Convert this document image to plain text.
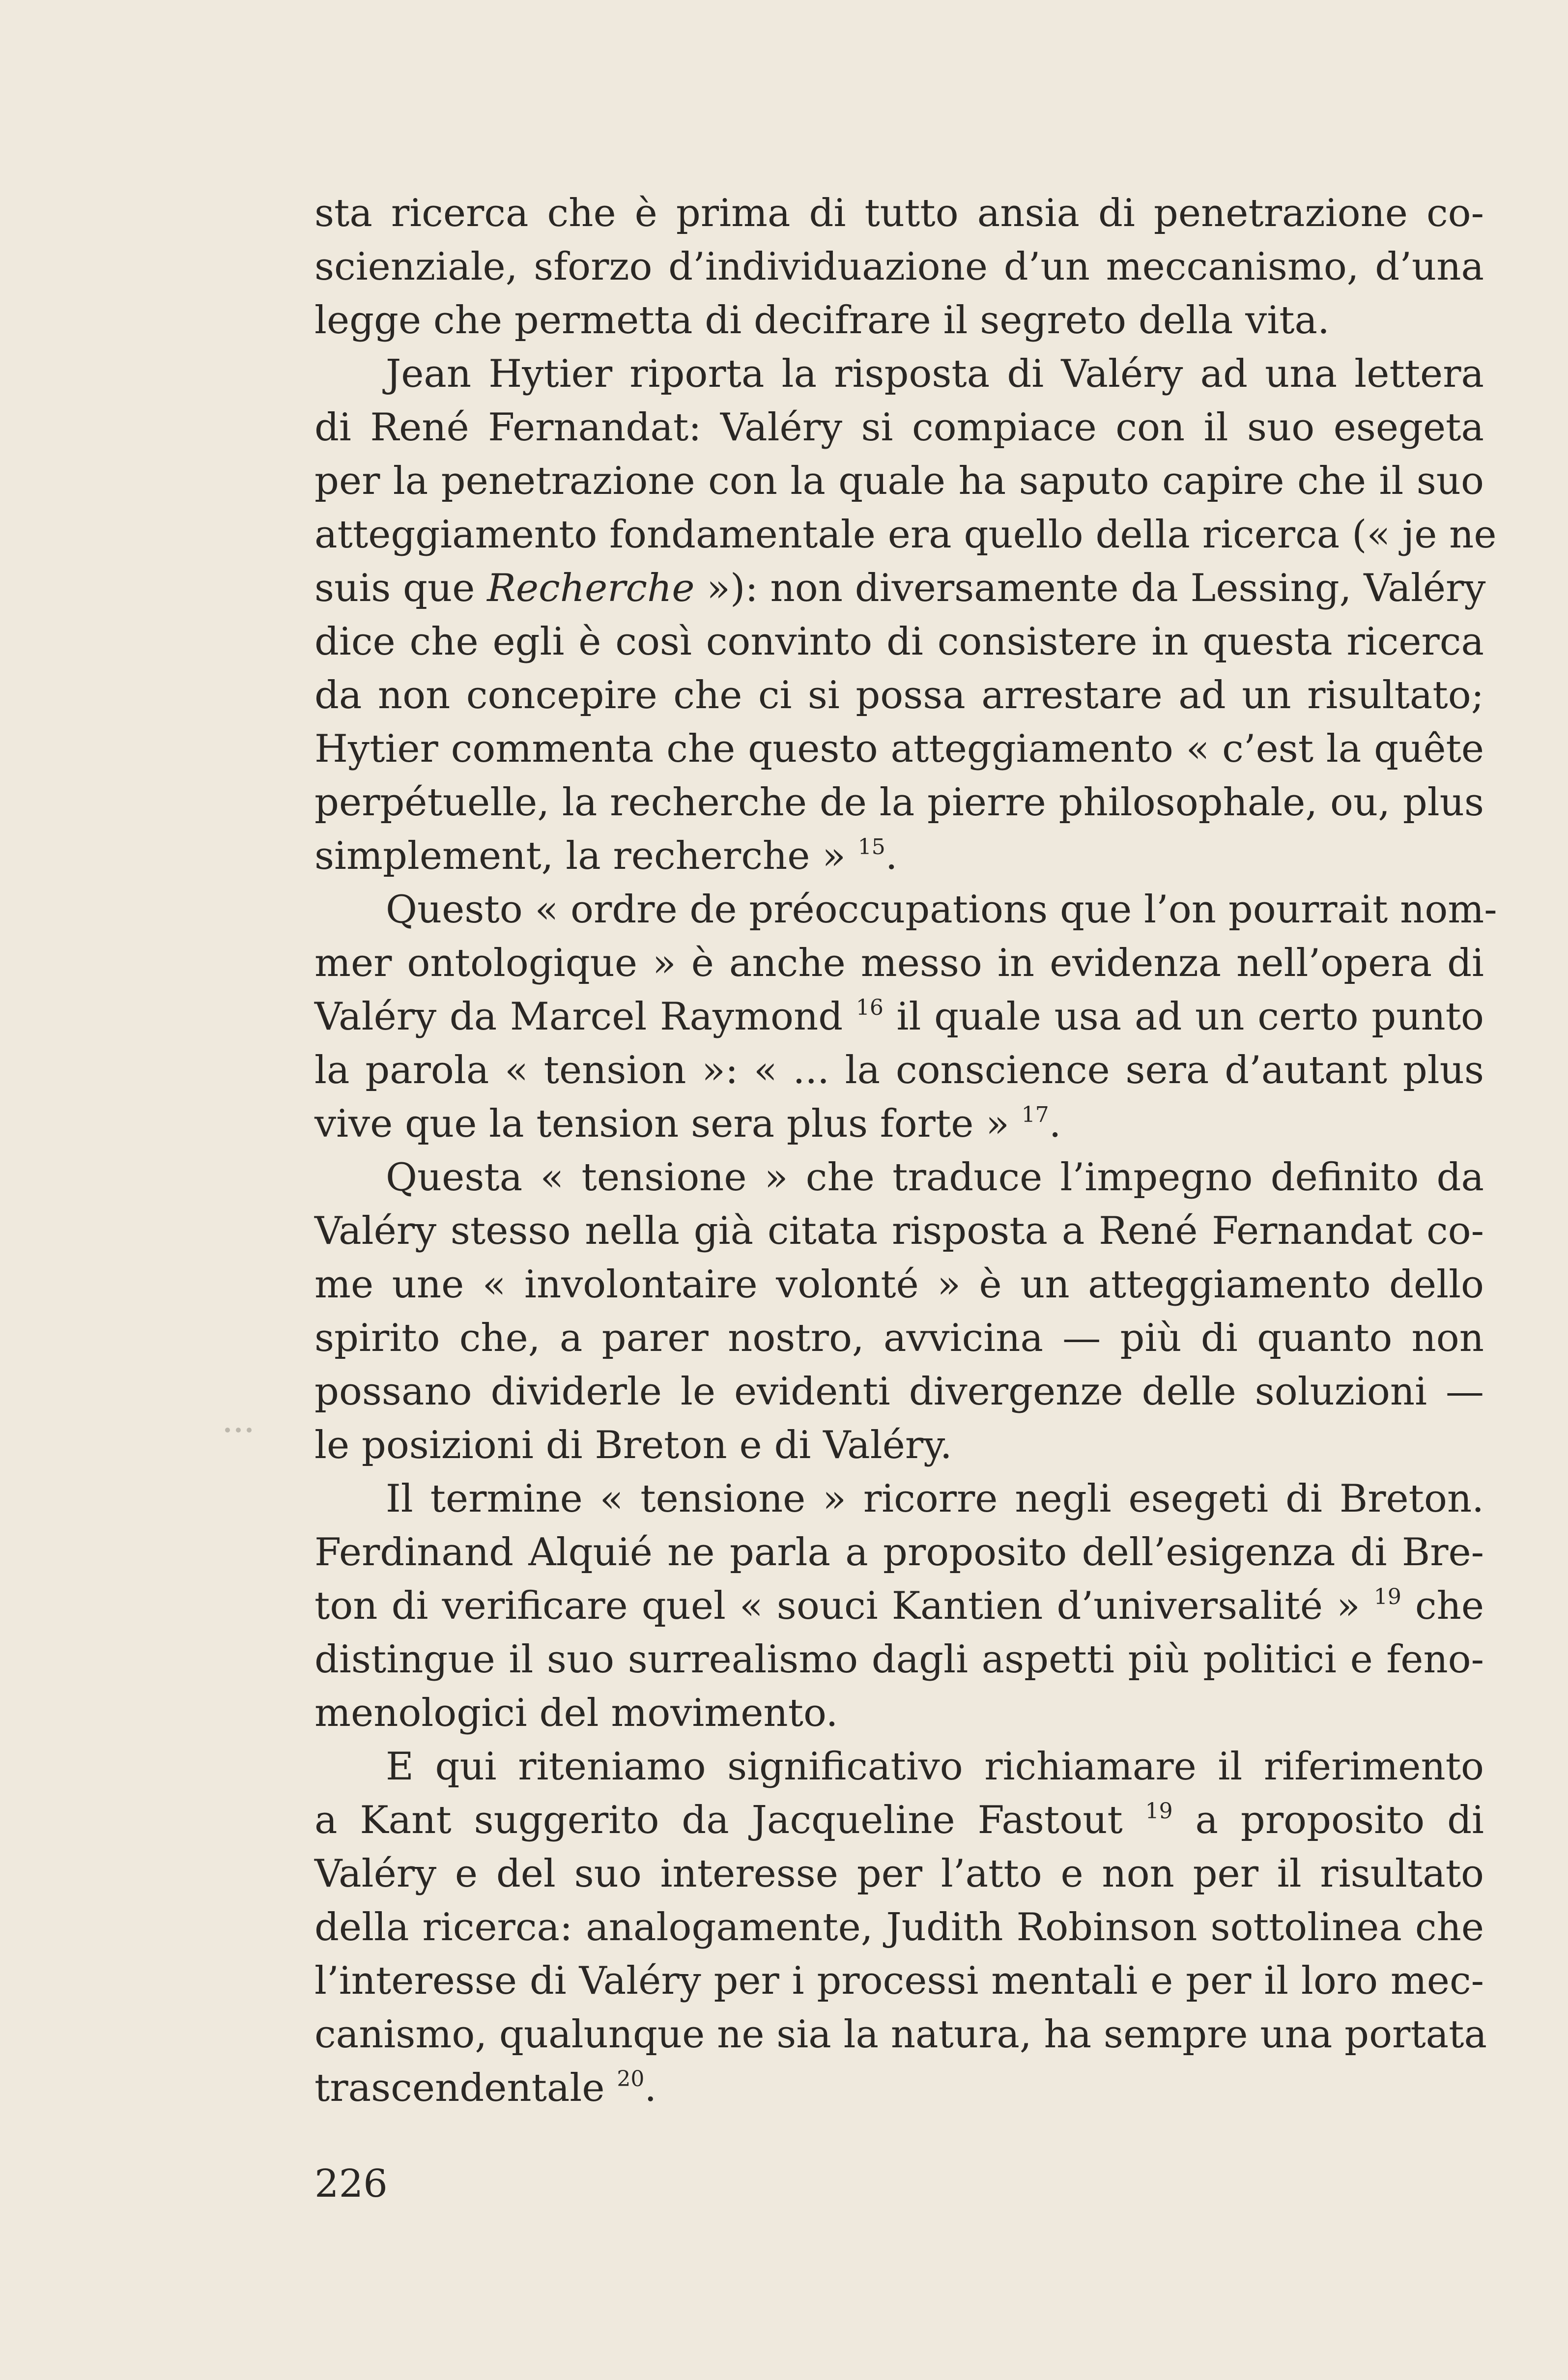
sta ricerca che è prima di tutto ansia di penetrazione co-
scienziale, sforzo d’individuazione d’un meccanismo, d’una
legge che permetta di decifrare il segreto della vita.
Jean Hytier riporta la risposta di Valéry ad una lettera
di René Fernandat: Valéry si compiace con il suo esegeta
per la penetrazione con la quale ha saputo capire che il suo
atteggiamento fondamentale era quello della ricerca (« je ne
suis que Recherche »): non diversamente da Lessing, Valéry
dice che egli è così convinto di consistere in questa ricerca
da non concepire che ci si possa arrestare ad un risultato;
Hytier commenta che questo atteggiamento « c’est la quête
perpétuelle, la recherche de la pierre philosophale, ou, plus
simplement, la recherche » $^{15}$.
Questo « ordre de préoccupations que l’on pourrait nom-
mer ontologique » è anche messo in evidenza nell’opera di
Valéry da Marcel Raymond $^{16}$ il quale usa ad un certo punto
la parola « tension »: « ... la conscience sera d’autant plus
vive que la tension sera plus forte » $^{17}$.
Questa « tensione » che traduce l’impegno definito da
Valéry stesso nella già citata risposta a René Fernandat co-
me une « involontaire volonté » è un atteggiamento dello
spirito che, a parer nostro, avvicina — più di quanto non
possano dividerle le evidenti divergenze delle soluzioni —
le posizioni di Breton e di Valéry.
Il termine « tensione » ricorre negli esegeti di Breton.
Ferdinand Alquié ne parla a proposito dell’esigenza di Bre-
ton di verificare quel « souci Kantien d’universalité » $^{19}$ che
distingue il suo surrealismo dagli aspetti più politici e feno-
menologici del movimento.
E qui riteniamo significativo richiamare il riferimento
a Kant suggerito da Jacqueline Fastout $^{19}$ a proposito di
Valéry e del suo interesse per l’atto e non per il risultato
della ricerca: analogamente, Judith Robinson sottolinea che
l’interesse di Valéry per i processi mentali e per il loro mec-
canismo, qualunque ne sia la natura, ha sempre una portata
trascendentale $^{20}$.
226
